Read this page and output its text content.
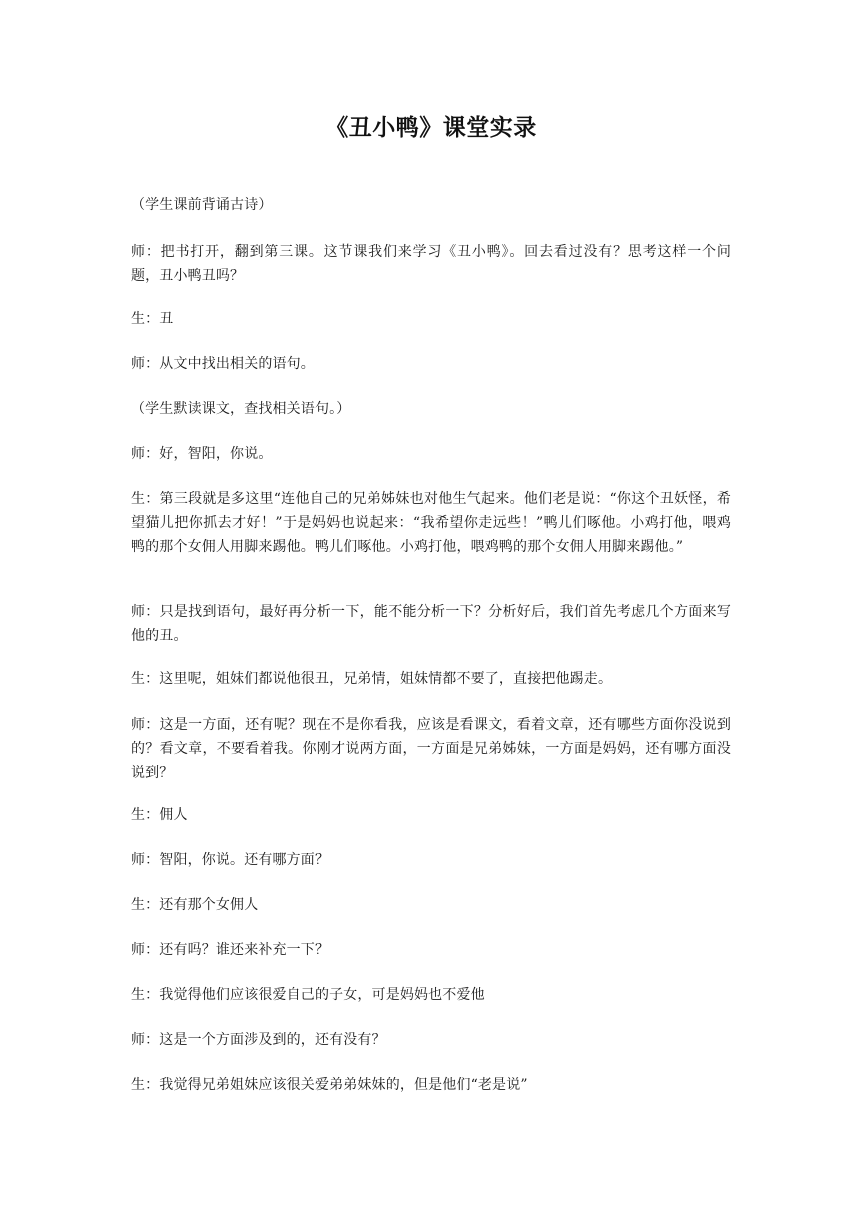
《丑小鸭》课堂实录

（学生课前背诵古诗）

师：把书打开，翻到第三课。这节课我们来学习《丑小鸭》。回去看过没有？思考这样一个问题，丑小鸭丑吗？

生：丑

师：从文中找出相关的语句。

（学生默读课文，查找相关语句。）

师：好，智阳，你说。

生：第三段就是多这里“连他自己的兄弟姊妹也对他生气起来。他们老是说：“你这个丑妖怪，希望猫儿把你抓去才好！”于是妈妈也说起来：“我希望你走远些！”鸭儿们啄他。小鸡打他，喂鸡鸭的那个女佣人用脚来踢他。鸭儿们啄他。小鸡打他，喂鸡鸭的那个女佣人用脚来踢他。”

师：只是找到语句，最好再分析一下，能不能分析一下？分析好后，我们首先考虑几个方面来写他的丑。

生：这里呢，姐妹们都说他很丑，兄弟情，姐妹情都不要了，直接把他踢走。

师：这是一方面，还有呢？现在不是你看我，应该是看课文，看着文章，还有哪些方面你没说到的？看文章，不要看着我。你刚才说两方面，一方面是兄弟姊妹，一方面是妈妈，还有哪方面没说到？

生：佣人

师：智阳，你说。还有哪方面？

生：还有那个女佣人

师：还有吗？谁还来补充一下？

生：我觉得他们应该很爱自己的子女，可是妈妈也不爱他

师：这是一个方面涉及到的，还有没有？

生：我觉得兄弟姐妹应该很关爱弟弟妹妹的，但是他们“老是说”
